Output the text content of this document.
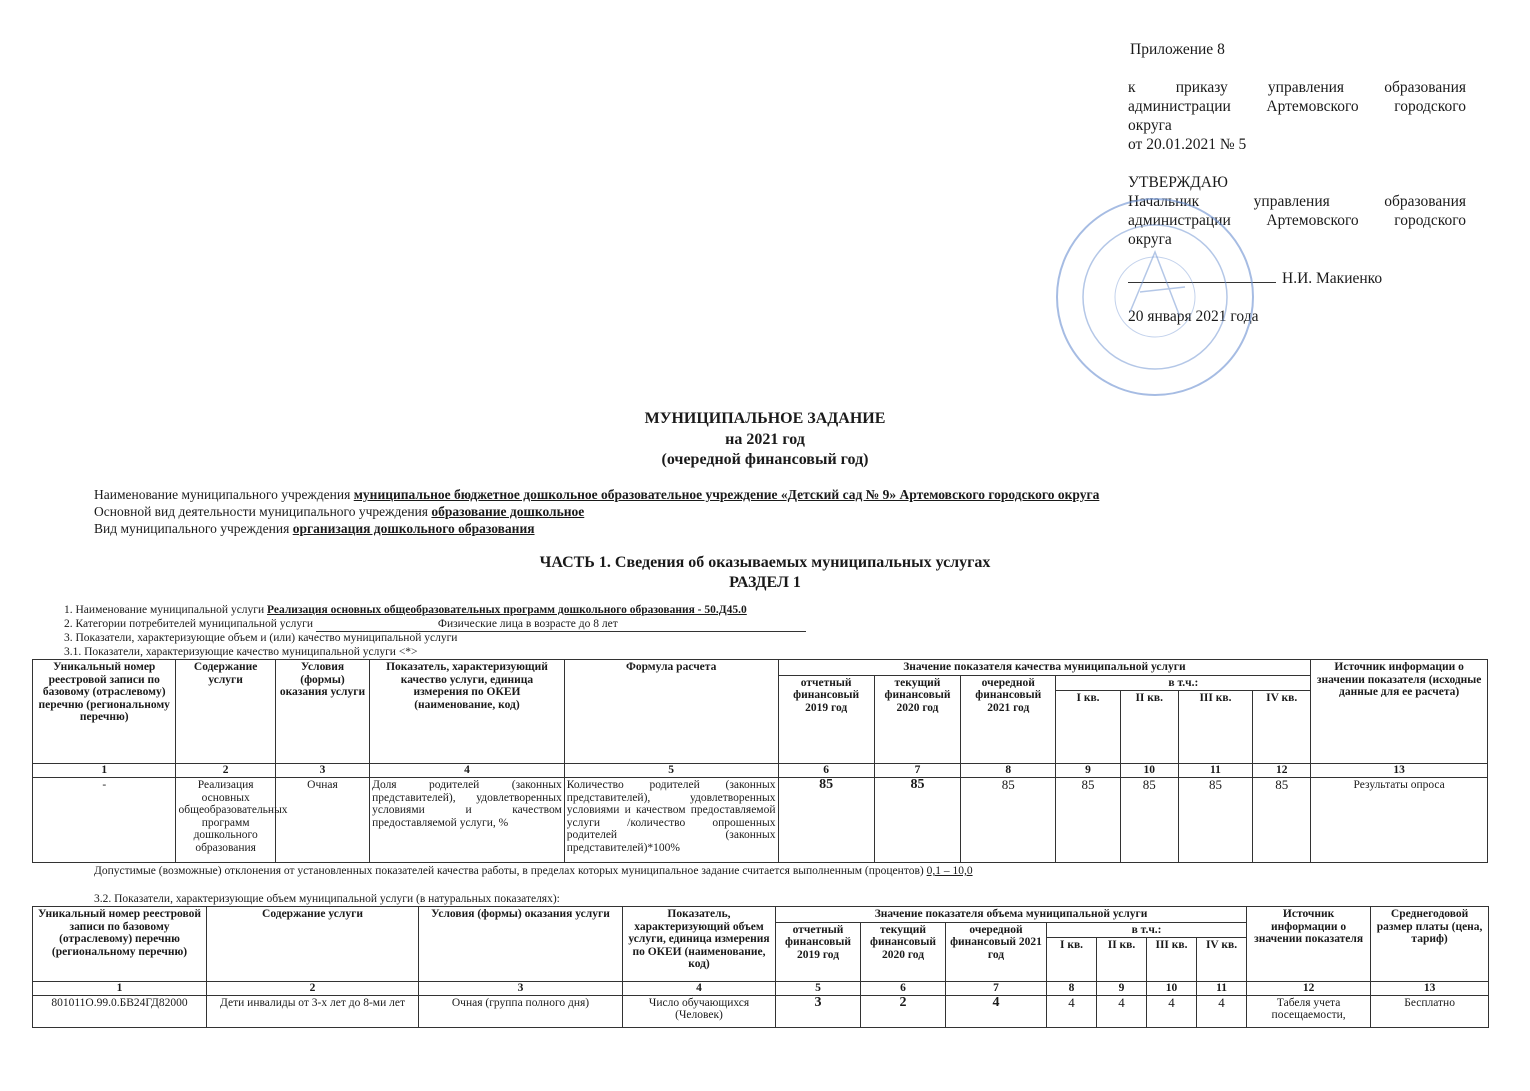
Приложение 8

к приказу управления образования

администрации Артемовского городского

округа

от 20.01.2021 № 5

УТВЕРЖДАЮ

Начальник управления образования

администрации Артемовского городского

округа

Н.И. Макиенко

20 января 2021 года

МУНИЦИПАЛЬНОЕ ЗАДАНИЕ
на 2021 год
(очередной финансовый год)
Наименование муниципального учреждения муниципальное бюджетное дошкольное образовательное учреждение «Детский сад № 9» Артемовского городского округа
Основной вид деятельности муниципального учреждения образование дошкольное
Вид муниципального учреждения организация дошкольного образования
ЧАСТЬ 1. Сведения об оказываемых муниципальных услугах
РАЗДЕЛ 1
1. Наименование муниципальной услуги Реализация основных общеобразовательных программ дошкольного образования - 50.Д45.0
2. Категории потребителей муниципальной услуги	Физические лица в возрасте до 8 лет
3. Показатели, характеризующие объем и (или) качество муниципальной услуги
3.1. Показатели, характеризующие качество муниципальной услуги <*>
Уникальный номер реестровой записи по базовому (отраслевому) перечню (региональному перечню)	Содержание услуги	Условия (формы) оказания услуги	Показатель, характеризующий качество услуги, единица измерения по ОКЕИ (наименование, код)	Формула расчета	Значение показателя качества муниципальной услуги							Источник информации о значении показателя (исходные данные для ее расчета)
					отчетный финансовый 2019 год	текущий финансовый 2020 год	очередной финансовый 2021 год	в т.ч.:				
								I кв.	II кв.	III кв.	IV кв.	
1	2	3	4	5	6	7	8	9	10	11	12	13
-	Реализация основных общеобразовательных программ дошкольного образования	Очная	Доля родителей (законных представителей), удовлетворенных условиями и качеством предоставляемой услуги, %	Количество родителей (законных представителей), удовлетворенных условиями и качеством предоставляемой услуги /количество опрошенных родителей (законных представителей)*100%	85	85	85	85	85	85	85	Результаты опроса
Допустимые (возможные) отклонения от установленных показателей качества работы, в пределах которых муниципальное задание считается выполненным (процентов) 0,1 – 10,0
3.2. Показатели, характеризующие объем муниципальной услуги (в натуральных показателях):
Уникальный номер реестровой записи по базовому (отраслевому) перечню (региональному перечню)	Содержание услуги	Условия (формы) оказания услуги	Показатель, характеризующий объем услуги, единица измерения по ОКЕИ (наименование, код)	Значение показателя объема муниципальной услуги							Источник информации о значении показателя	Среднегодовой размер платы (цена, тариф)
				отчетный финансовый 2019 год	текущий финансовый 2020 год	очередной финансовый 2021 год	в т.ч.:					
							I кв.	II кв.	III кв.	IV кв.		
1	2	3	4	5	6	7	8	9	10	11	12	13
801011О.99.0.БВ24ГД82000	Дети инвалиды от 3-х лет до 8-ми лет	Очная (группа полного дня)	Число обучающихся (Человек)	3	2	4	4	4	4	4	Табеля учета посещаемости,	Бесплатно
